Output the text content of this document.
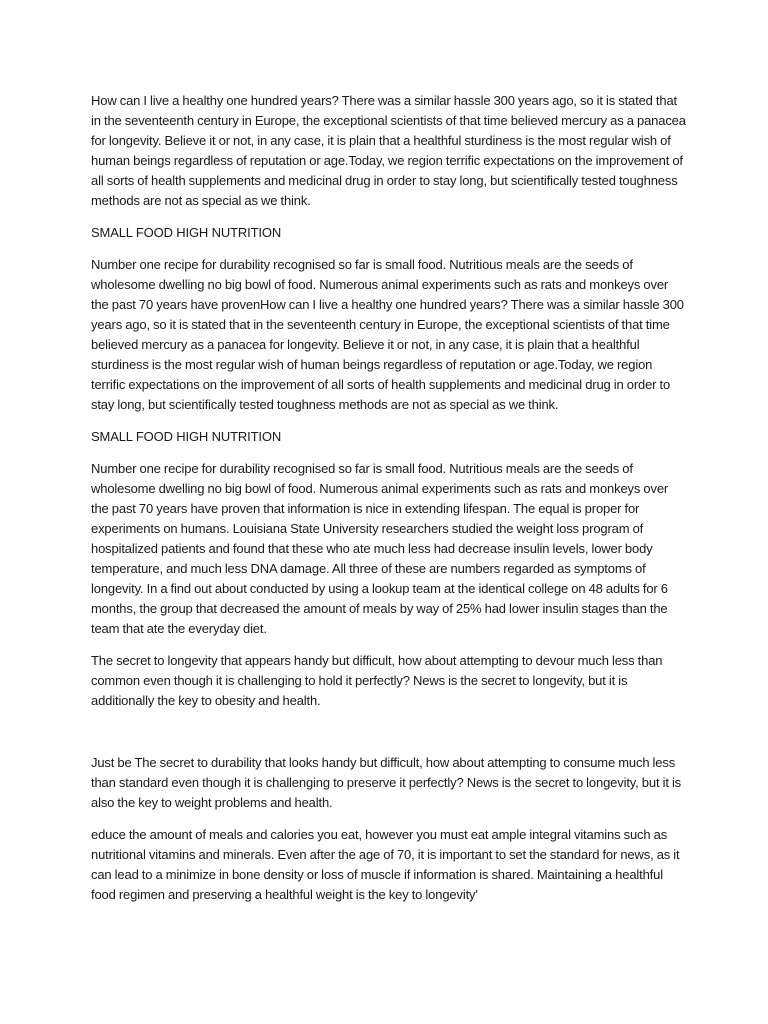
How can I live a healthy one hundred years? There was a similar hassle 300 years ago, so it is stated that in the seventeenth century in Europe, the exceptional scientists of that time believed mercury as a panacea for longevity. Believe it or not, in any case, it is plain that a healthful sturdiness is the most regular wish of human beings regardless of reputation or age.Today, we region terrific expectations on the improvement of all sorts of health supplements and medicinal drug in order to stay long, but scientifically tested toughness methods are not as special as we think.

SMALL FOOD HIGH NUTRITION

Number one recipe for durability recognised so far is small food. Nutritious meals are the seeds of wholesome dwelling no big bowl of food. Numerous animal experiments such as rats and monkeys over the past 70 years have provenHow can I live a healthy one hundred years? There was a similar hassle 300 years ago, so it is stated that in the seventeenth century in Europe, the exceptional scientists of that time believed mercury as a panacea for longevity. Believe it or not, in any case, it is plain that a healthful sturdiness is the most regular wish of human beings regardless of reputation or age.Today, we region terrific expectations on the improvement of all sorts of health supplements and medicinal drug in order to stay long, but scientifically tested toughness methods are not as special as we think.

SMALL FOOD HIGH NUTRITION

Number one recipe for durability recognised so far is small food. Nutritious meals are the seeds of wholesome dwelling no big bowl of food. Numerous animal experiments such as rats and monkeys over the past 70 years have proven that information is nice in extending lifespan. The equal is proper for experiments on humans. Louisiana State University researchers studied the weight loss program of hospitalized patients and found that these who ate much less had decrease insulin levels, lower body temperature, and much less DNA damage. All three of these are numbers regarded as symptoms of longevity. In a find out about conducted by using a lookup team at the identical college on 48 adults for 6 months, the group that decreased the amount of meals by way of 25% had lower insulin stages than the team that ate the everyday diet.

The secret to longevity that appears handy but difficult, how about attempting to devour much less than common even though it is challenging to hold it perfectly? News is the secret to longevity, but it is additionally the key to obesity and health.

Just be The secret to durability that looks handy but difficult, how about attempting to consume much less than standard even though it is challenging to preserve it perfectly? News is the secret to longevity, but it is also the key to weight problems and health.

educe the amount of meals and calories you eat, however you must eat ample integral vitamins such as nutritional vitamins and minerals. Even after the age of 70, it is important to set the standard for news, as it can lead to a minimize in bone density or loss of muscle if information is shared. Maintaining a healthful food regimen and preserving a healthful weight is the key to longevity'
